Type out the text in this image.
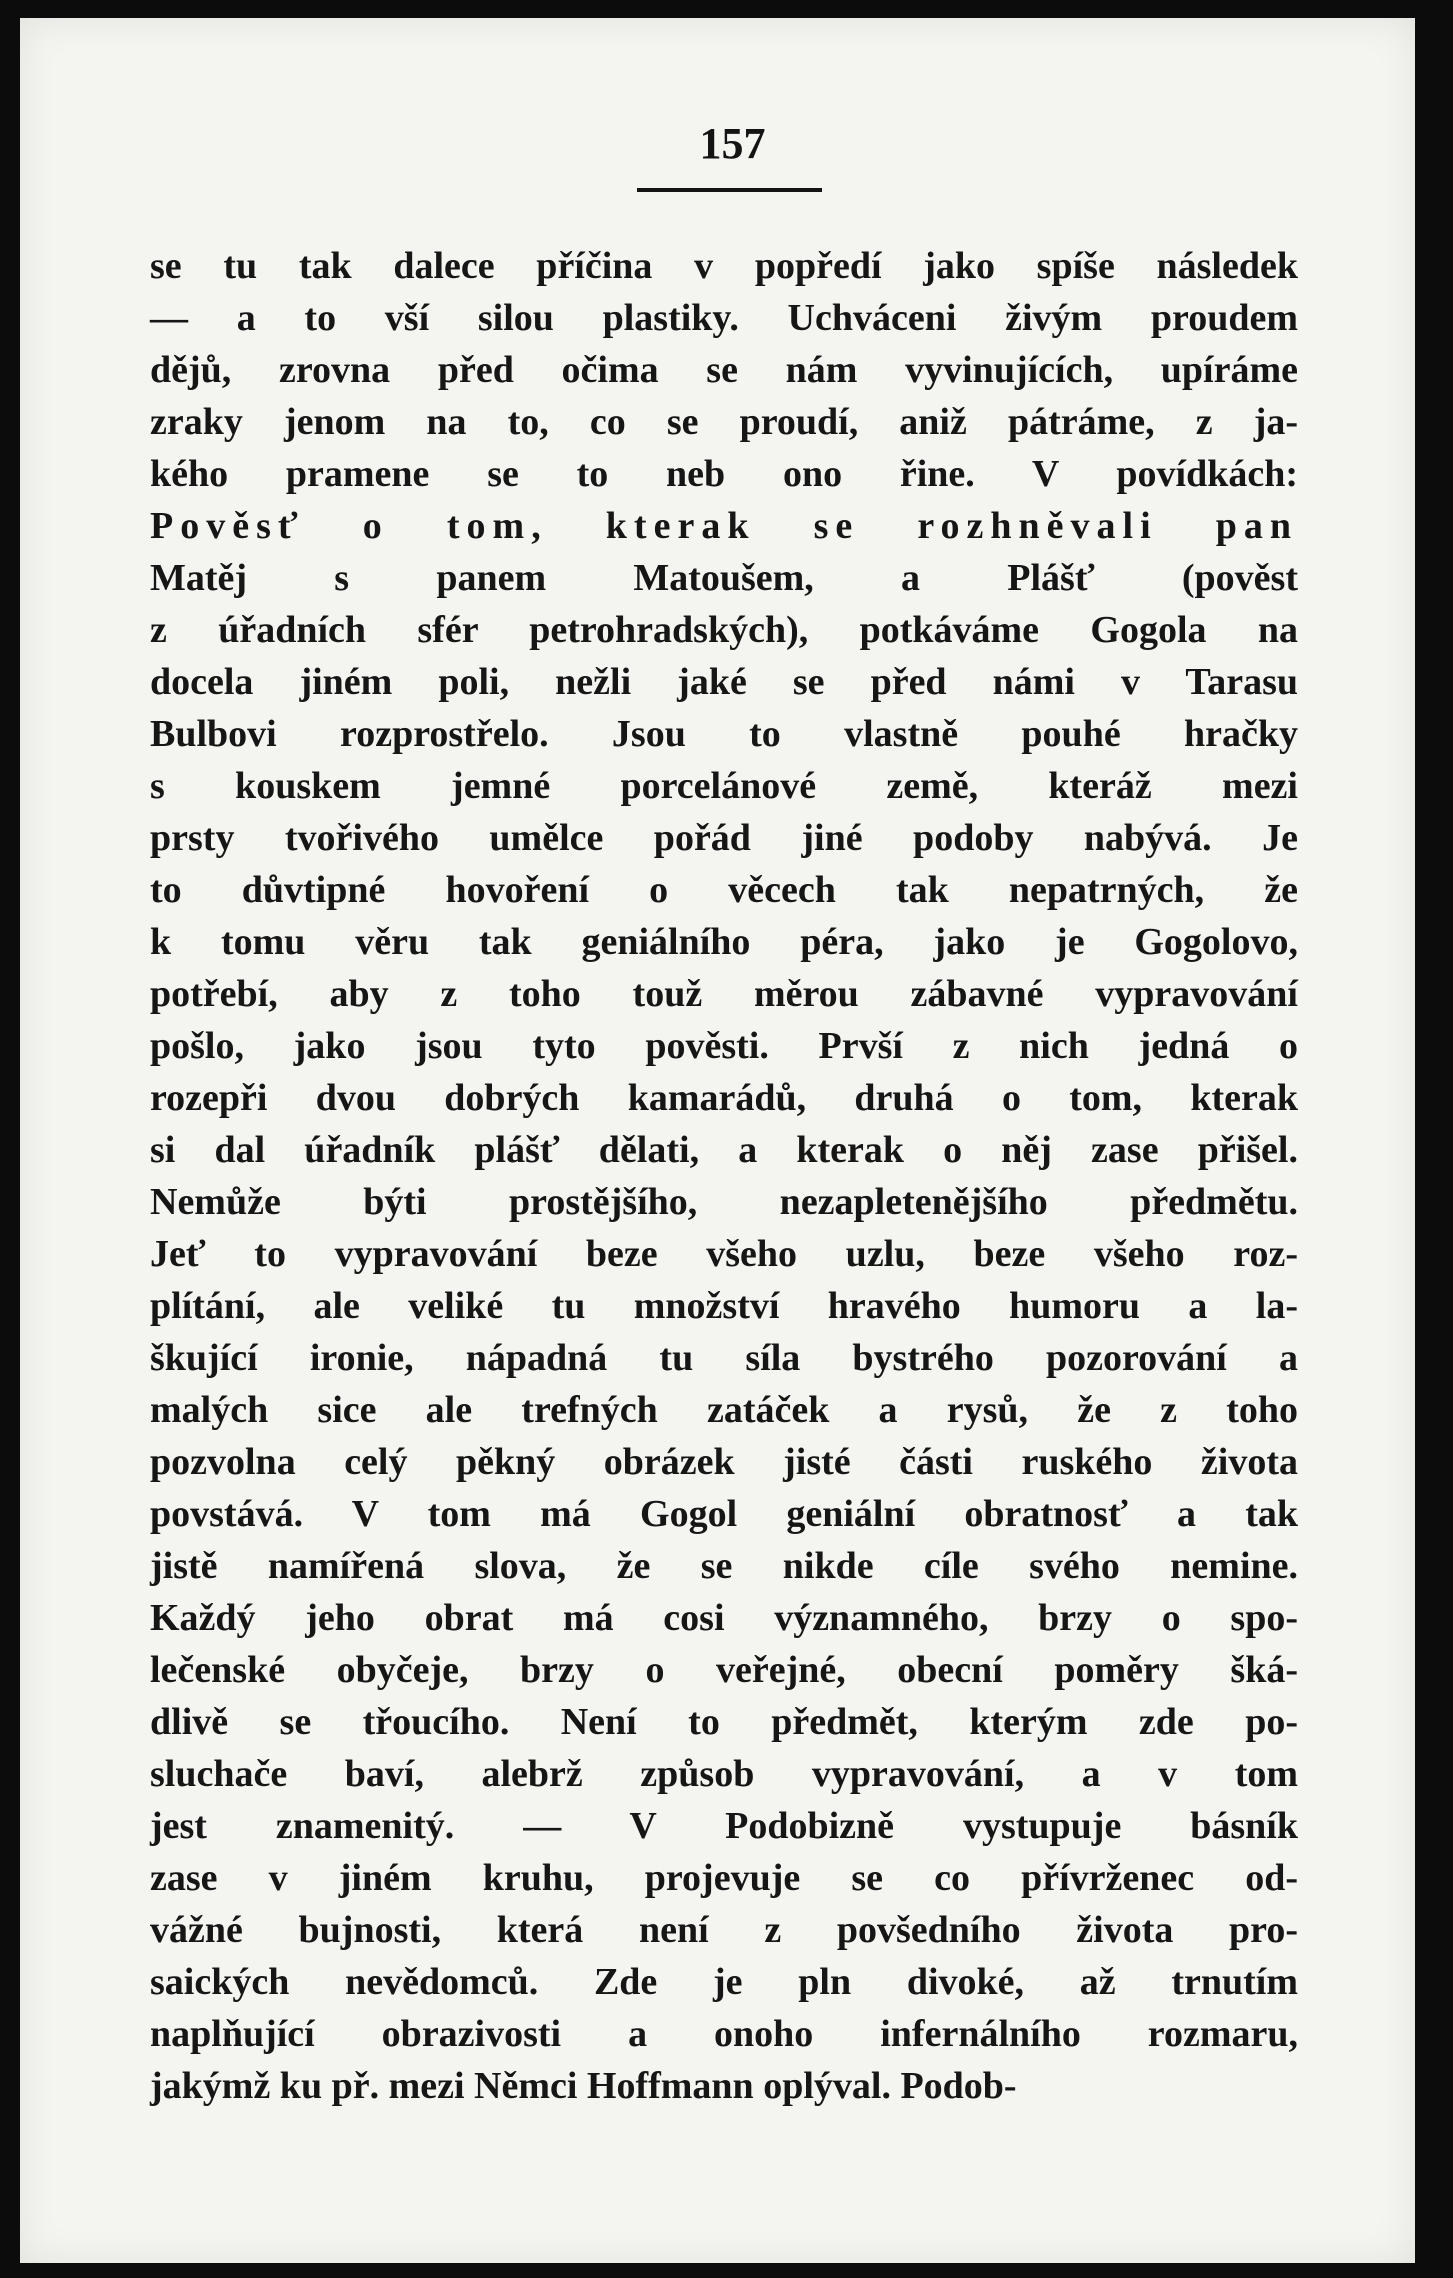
157
se tu tak dalece příčina v popředí jako spíše následek
— a to vší silou plastiky. Uchváceni živým proudem
dějů, zrovna před očima se nám vyvinujících, upíráme
zraky jenom na to, co se proudí, aniž pátráme, z ja-
kého pramene se to neb ono řine. V povídkách:
Pověsť o tom, kterak se rozhněvali pan
Matěj s panem Matoušem, a Plášť (pověst
z úřadních sfér petrohradských), potkáváme Gogola na
docela jiném poli, nežli jaké se před námi v Tarasu
Bulbovi rozprostřelo. Jsou to vlastně pouhé hračky
s kouskem jemné porcelánové země, kteráž mezi
prsty tvořivého umělce pořád jiné podoby nabývá. Je
to důvtipné hovoření o věcech tak nepatrných, že
k tomu věru tak geniálního péra, jako je Gogolovo,
potřebí, aby z toho touž měrou zábavné vypravování
pošlo, jako jsou tyto pověsti. Prvší z nich jedná o
rozepři dvou dobrých kamarádů, druhá o tom, kterak
si dal úřadník plášť dělati, a kterak o něj zase přišel.
Nemůže býti prostějšího, nezapletenějšího předmětu.
Jeť to vypravování beze všeho uzlu, beze všeho roz-
plítání, ale veliké tu množství hravého humoru a la-
škující ironie, nápadná tu síla bystrého pozorování a
malých sice ale trefných zatáček a rysů, že z toho
pozvolna celý pěkný obrázek jisté části ruského života
povstává. V tom má Gogol geniální obratnosť a tak
jistě namířená slova, že se nikde cíle svého nemine.
Každý jeho obrat má cosi významného, brzy o spo-
lečenské obyčeje, brzy o veřejné, obecní poměry šká-
dlivě se třoucího. Není to předmět, kterým zde po-
sluchače baví, alebrž způsob vypravování, a v tom
jest znamenitý. — V Podobizně vystupuje básník
zase v jiném kruhu, projevuje se co přívrženec od-
vážné bujnosti, která není z povšedního života pro-
saických nevědomců. Zde je pln divoké, až trnutím
naplňující obrazivosti a onoho infernálního rozmaru,
jakýmž ku př. mezi Němci Hoffmann oplýval. Podob-
